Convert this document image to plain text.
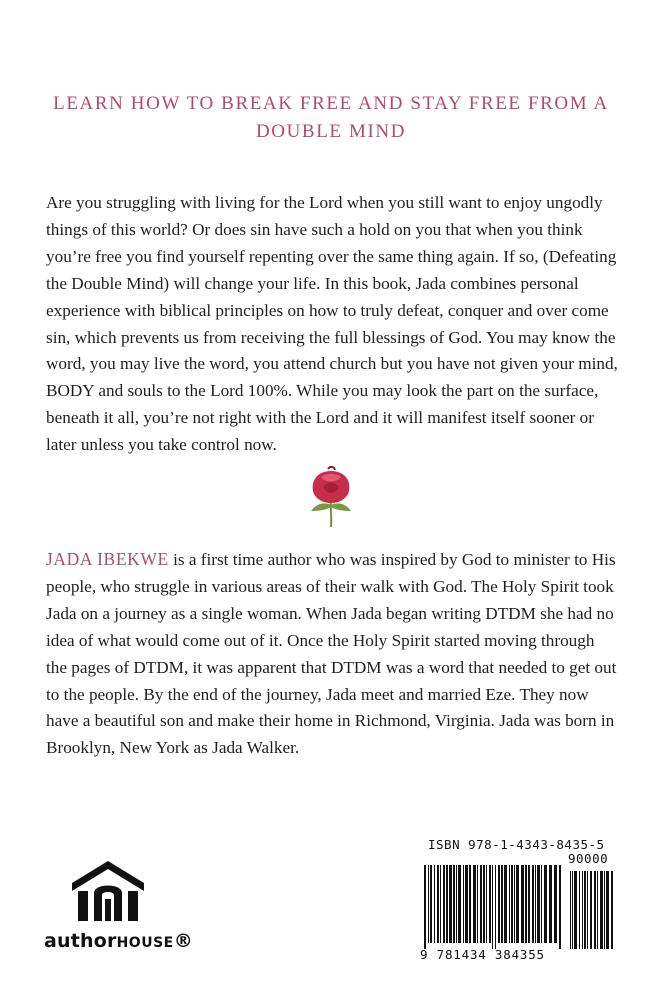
LEARN HOW TO BREAK FREE AND STAY FREE FROM A DOUBLE MIND

Are you struggling with living for the Lord when you still want to enjoy ungodly things of this world? Or does sin have such a hold on you that when you think you’re free you find yourself repenting over the same thing again. If so, (Defeating the Double Mind) will change your life. In this book, Jada combines personal experience with biblical principles on how to truly defeat, conquer and over come sin, which prevents us from receiving the full blessings of God. You may know the word, you may live the word, you attend church but you have not given your mind, BODY and souls to the Lord 100%. While you may look the part on the surface, beneath it all, you’re not right with the Lord and it will manifest itself sooner or later unless you take control now.

JADA IBEKWE is a first time author who was inspired by God to minister to His people, who struggle in various areas of their walk with God. The Holy Spirit took Jada on a journey as a single woman. When Jada began writing DTDM she had no idea of what would come out of it. Once the Holy Spirit started moving through the pages of DTDM, it was apparent that DTDM was a word that needed to get out to the people. By the end of the journey, Jada meet and married Eze. They now have a beautiful son and make their home in Richmond, Virginia. Jada was born in Brooklyn, New York as Jada Walker.
authorHOUSE®
ISBN 978-1-4343-8435-5
90000
9 781434 384355
